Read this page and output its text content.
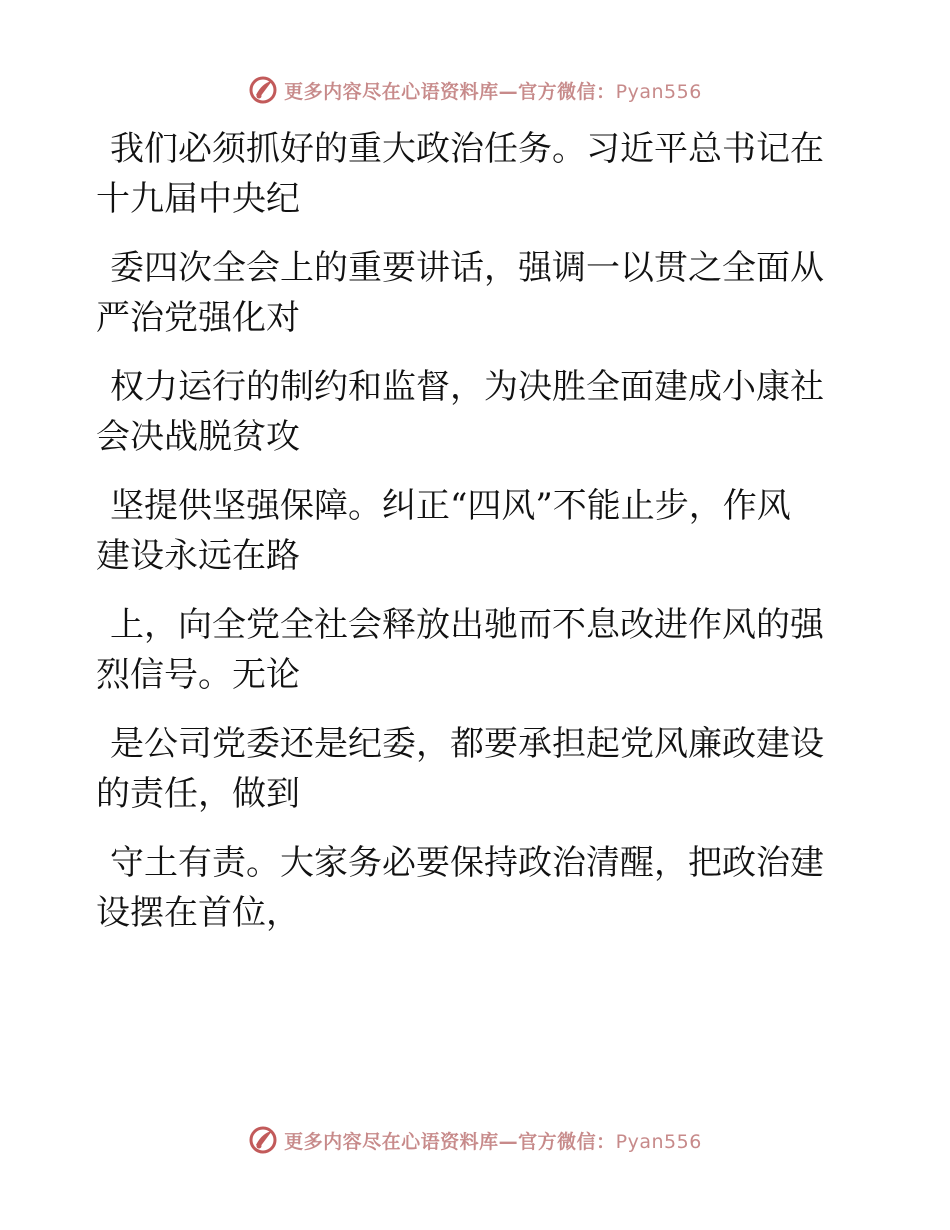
更多内容尽在心语资料库—官方微信：Pyan556

我们必须抓好的重大政治任务。习近平总书记在
十九届中央纪

委四次全会上的重要讲话，强调一以贯之全面从
严治党强化对

权力运行的制约和监督，为决胜全面建成小康社
会决战脱贫攻

坚提供坚强保障。纠正“四风”不能止步，作风
建设永远在路

上，向全党全社会释放出驰而不息改进作风的强
烈信号。无论

是公司党委还是纪委，都要承担起党风廉政建设
的责任，做到

守土有责。大家务必要保持政治清醒，把政治建
设摆在首位，

更多内容尽在心语资料库—官方微信：Pyan556
